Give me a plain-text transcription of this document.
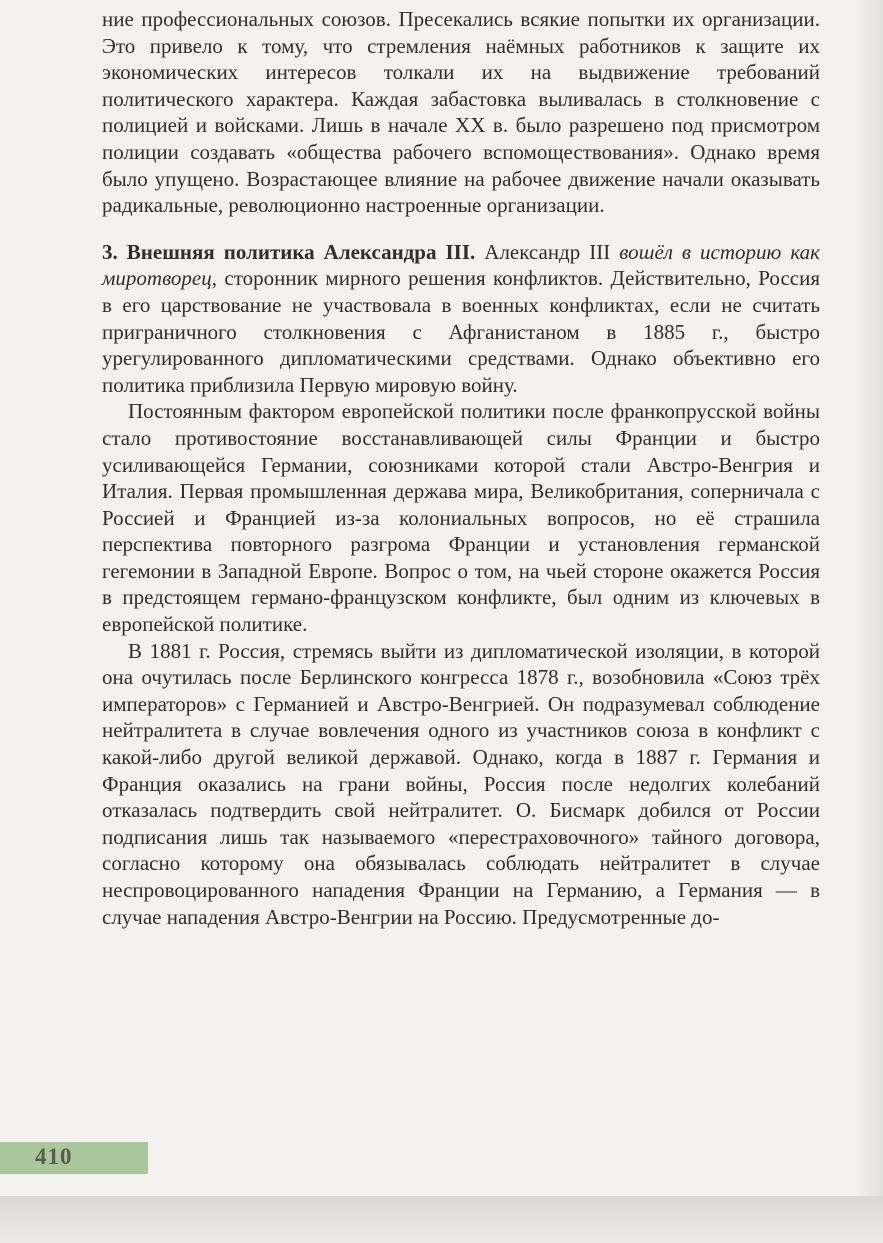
ние профессиональных союзов. Пресекались всякие попытки их организации. Это привело к тому, что стремления наёмных работников к защите их экономических интересов толкали их на выдвижение требований политического характера. Каждая забастовка выливалась в столкновение с полицией и войсками. Лишь в начале XX в. было разрешено под присмотром полиции создавать «общества рабочего вспомоществования». Однако время было упущено. Возрастающее влияние на рабочее движение начали оказывать радикальные, революционно настроенные организации.

3. Внешняя политика Александра III. Александр III вошёл в историю как миротворец, сторонник мирного решения конфликтов. Действительно, Россия в его царствование не участвовала в военных конфликтах, если не считать приграничного столкновения с Афганистаном в 1885 г., быстро урегулированного дипломатическими средствами. Однако объективно его политика приблизила Первую мировую войну.

Постоянным фактором европейской политики после франкопрусской войны стало противостояние восстанавливающей силы Франции и быстро усиливающейся Германии, союзниками которой стали Австро-Венгрия и Италия. Первая промышленная держава мира, Великобритания, соперничала с Россией и Францией из-за колониальных вопросов, но её страшила перспектива повторного разгрома Франции и установления германской гегемонии в Западной Европе. Вопрос о том, на чьей стороне окажется Россия в предстоящем германо-французском конфликте, был одним из ключевых в европейской политике.

В 1881 г. Россия, стремясь выйти из дипломатической изоляции, в которой она очутилась после Берлинского конгресса 1878 г., возобновила «Союз трёх императоров» с Германией и Австро-Венгрией. Он подразумевал соблюдение нейтралитета в случае вовлечения одного из участников союза в конфликт с какой-либо другой великой державой. Однако, когда в 1887 г. Германия и Франция оказались на грани войны, Россия после недолгих колебаний отказалась подтвердить свой нейтралитет. О. Бисмарк добился от России подписания лишь так называемого «перестраховочного» тайного договора, согласно которому она обязывалась соблюдать нейтралитет в случае неспровоцированного нападения Франции на Германию, а Германия — в случае нападения Австро-Венгрии на Россию. Предусмотренные до-

410
